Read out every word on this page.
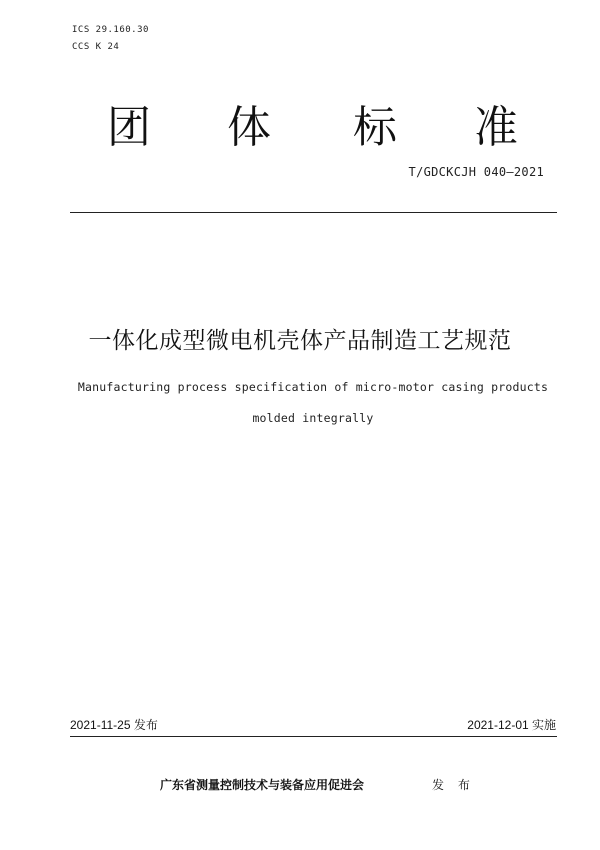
ICS 29.160.30
CCS K 24
团 体 标 准
T/GDCKCJH 040—2021
一体化成型微电机壳体产品制造工艺规范
Manufacturing process specification of micro-motor casing products
molded integrally
2021-11-25 发布	2021-12-01 实施
广东省测量控制技术与装备应用促进会	发 布
